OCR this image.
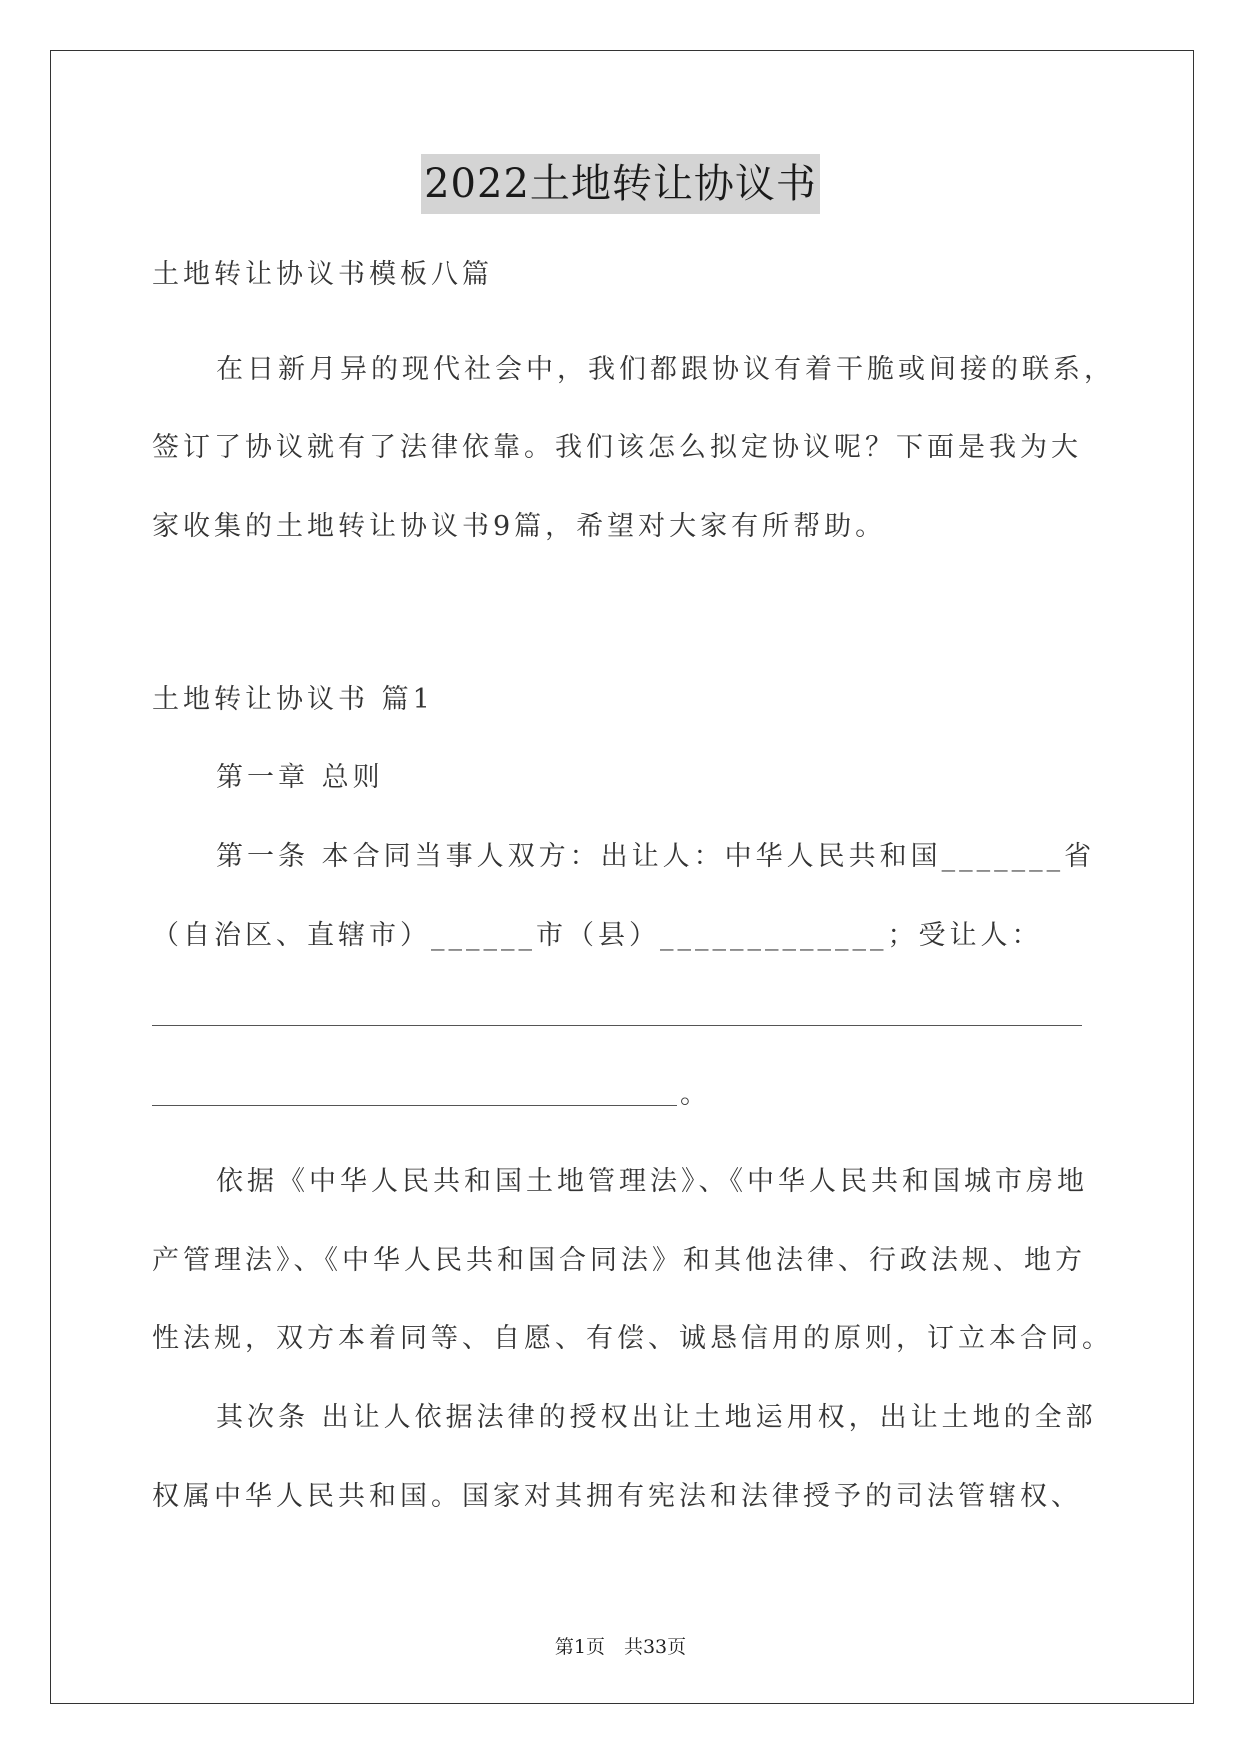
2022土地转让协议书
土地转让协议书模板八篇
在日新月异的现代社会中，我们都跟协议有着干脆或间接的联系，
签订了协议就有了法律依靠。我们该怎么拟定协议呢？下面是我为大
家收集的土地转让协议书9篇，希望对大家有所帮助。
土地转让协议书 篇1
第一章 总则
第一条 本合同当事人双方：出让人：中华人民共和国_______省
（自治区、直辖市）______市（县）_____________；受让人：
。
依据《中华人民共和国土地管理法》、《中华人民共和国城市房地
产管理法》、《中华人民共和国合同法》和其他法律、行政法规、地方
性法规，双方本着同等、自愿、有偿、诚恳信用的原则，订立本合同。
其次条 出让人依据法律的授权出让土地运用权，出让土地的全部
权属中华人民共和国。国家对其拥有宪法和法律授予的司法管辖权、
第1页　共33页
